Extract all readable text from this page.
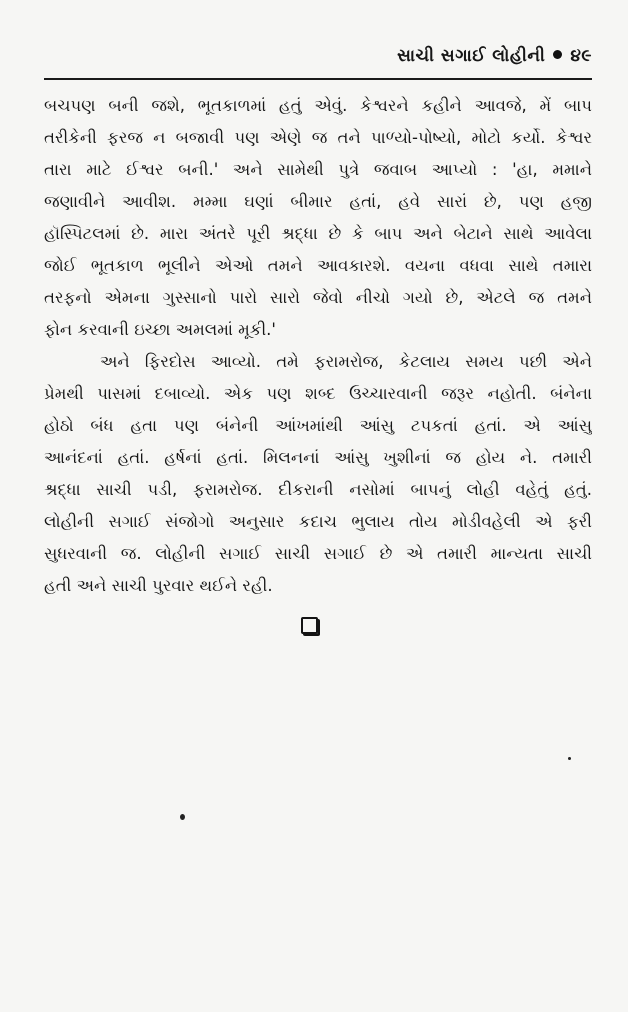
સાચી સગાઈ લોહીની ૪૯
બચપણ બની જશે, ભૂતકાળમાં હતું એવું. કેશ્વરને કહીને આવજે, મેં બાપ
તરીકેની ફરજ ન બજાવી પણ એણે જ તને પાળ્યો-પોષ્યો, મોટો કર્યો. કેશ્વર
તારા માટે ઈશ્વર બની.' અને સામેથી પુત્રે જવાબ આપ્યો : 'હા, મમાને
જણાવીને આવીશ. મમ્મા ઘણાં બીમાર હતાં, હવે સારાં છે, પણ હજી
હૉસ્પિટલમાં છે. મારા અંતરે પૂરી શ્રદ્ધા છે કે બાપ અને બેટાને સાથે આવેલા
જોઈ ભૂતકાળ ભૂલીને એઓ તમને આવકારશે. વયના વધવા સાથે તમારા
તરફનો એમના ગુસ્સાનો પારો સારો જેવો નીચો ગયો છે, એટલે જ તમને
ફોન કરવાની ઇચ્છા અમલમાં મૂકી.'
અને ફિરદોસ આવ્યો. તમે ફરામરોજ, કેટલાય સમય પછી એને
પ્રેમથી પાસમાં દબાવ્યો. એક પણ શબ્દ ઉચ્ચારવાની જરૂર નહોતી. બંનેના
હોઠો બંધ હતા પણ બંનેની આંખમાંથી આંસુ ટપકતાં હતાં. એ આંસુ
આનંદનાં હતાં. હર્ષનાં હતાં. મિલનનાં આંસુ ખુશીનાં જ હોય ને. તમારી
શ્રદ્ધા સાચી પડી, ફરામરોજ. દીકરાની નસોમાં બાપનું લોહી વહેતું હતું.
લોહીની સગાઈ સંજોગો અનુસાર કદાચ ભુલાય તોય મોડીવહેલી એ ફરી
સુધરવાની જ. લોહીની સગાઈ સાચી સગાઈ છે એ તમારી માન્યતા સાચી
હતી અને સાચી પુરવાર થઈને રહી.
